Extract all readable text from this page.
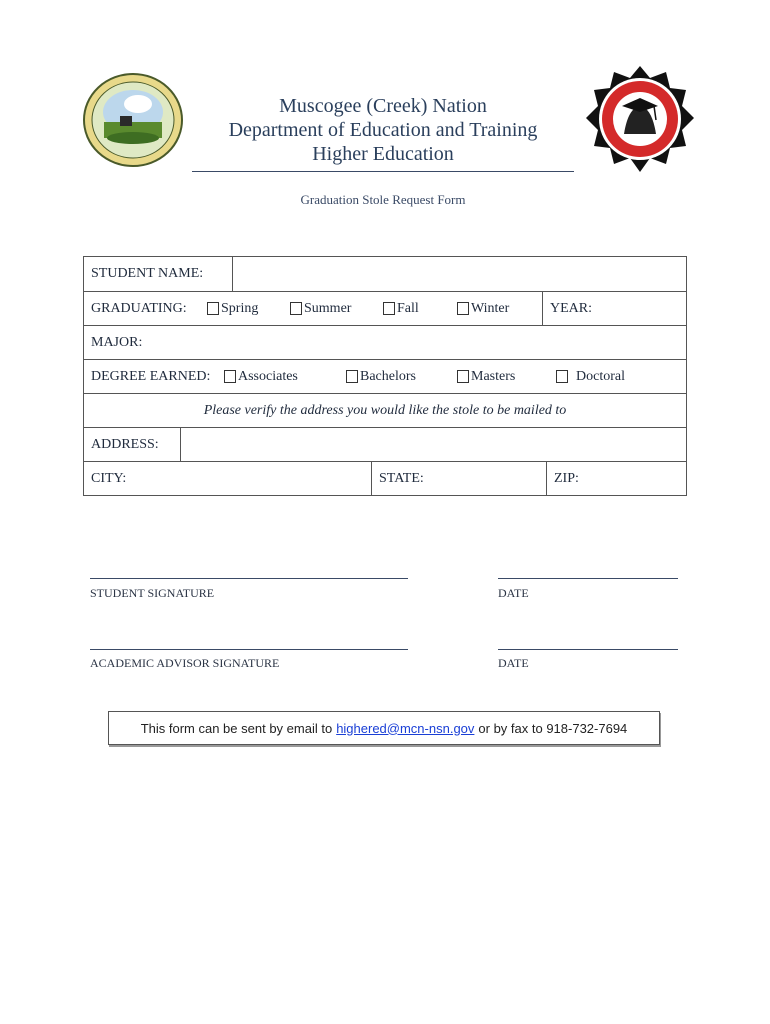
Muscogee (Creek) Nation
Department of Education and Training
Higher Education
Graduation Stole Request Form
STUDENT NAME:
GRADUATING:	Spring	Summer	Fall	Winter	YEAR:
MAJOR:
DEGREE EARNED:	Associates	Bachelors	Masters	Doctoral
Please verify the address you would like the stole to be mailed to
ADDRESS:
CITY:	STATE:	ZIP:
STUDENT SIGNATURE	DATE
ACADEMIC ADVISOR SIGNATURE	DATE
This form can be sent by email to highered@mcn-nsn.gov or by fax to 918-732-7694
